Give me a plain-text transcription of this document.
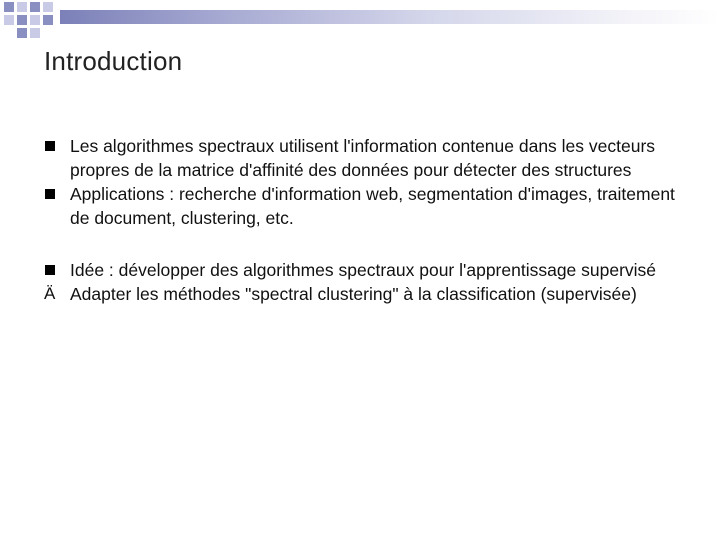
Introduction
Les algorithmes spectraux utilisent l'information contenue dans les vecteurs propres de la matrice d'affinité des données pour détecter des structures
Applications : recherche d'information web, segmentation d'images, traitement de document, clustering, etc.
Idée : développer des algorithmes spectraux pour l'apprentissage supervisé
Ä Adapter les méthodes "spectral clustering" à la classification (supervisée)
